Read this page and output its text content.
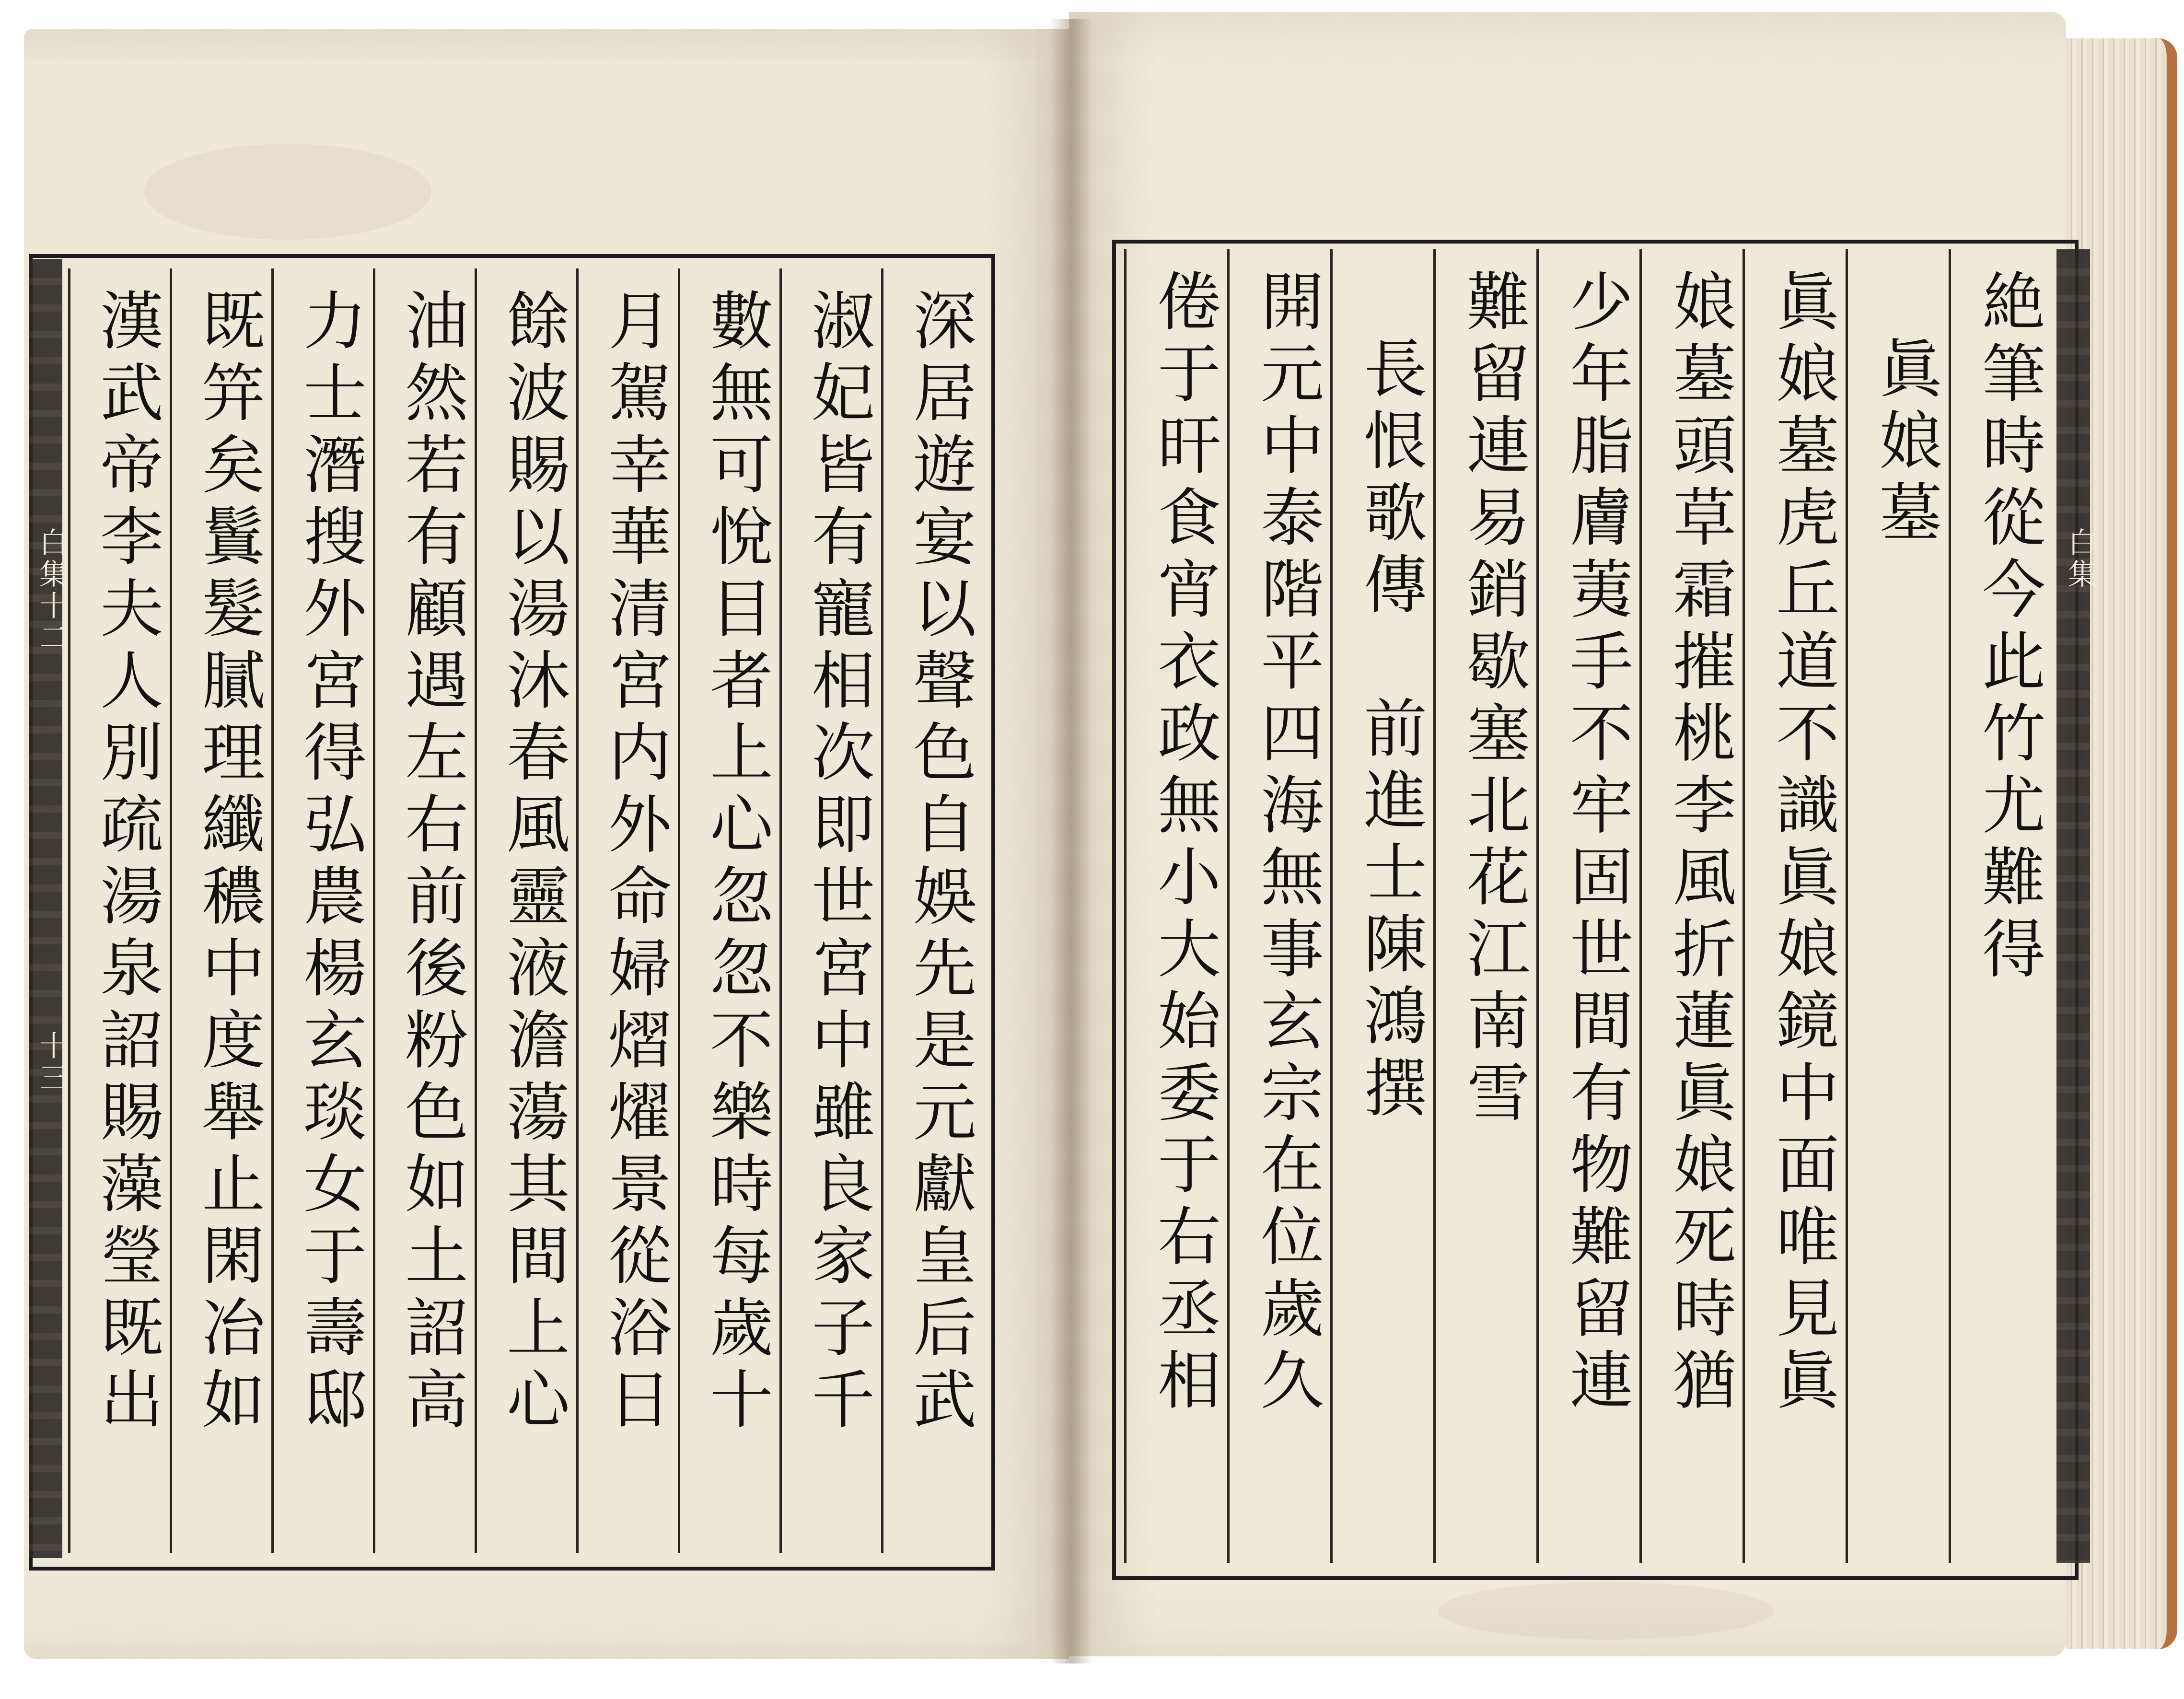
白集十二
十三	深居遊宴以聲色自娛先是元獻皇后武
淑妃皆有寵相次即世宮中雖良家子千
數無可悅目者上心忽忽不樂時每歲十
月駕幸華清宮内外命婦熠燿景從浴日
餘波賜以湯沐春風靈液澹蕩其間上心
油然若有顧遇左右前後粉色如土詔高
力士潛搜外宮得弘農楊玄琰女于壽邸
既笄矣鬒髮膩理纖穠中度舉止閑冶如
漢武帝李夫人別疏湯泉詔賜藻瑩既出	白集
絶筆時從今此竹尤難得
眞娘墓
眞娘墓虎丘道不識眞娘鏡中面唯見眞
娘墓頭草霜摧桃李風折蓮眞娘死時猶
少年脂膚荑手不牢固世間有物難留連
難留連易銷歇塞北花江南雪
長恨歌傳　前進士陳鴻撰
開元中泰階平四海無事玄宗在位歲久
倦于旰食宵衣政無小大始委于右丞相
